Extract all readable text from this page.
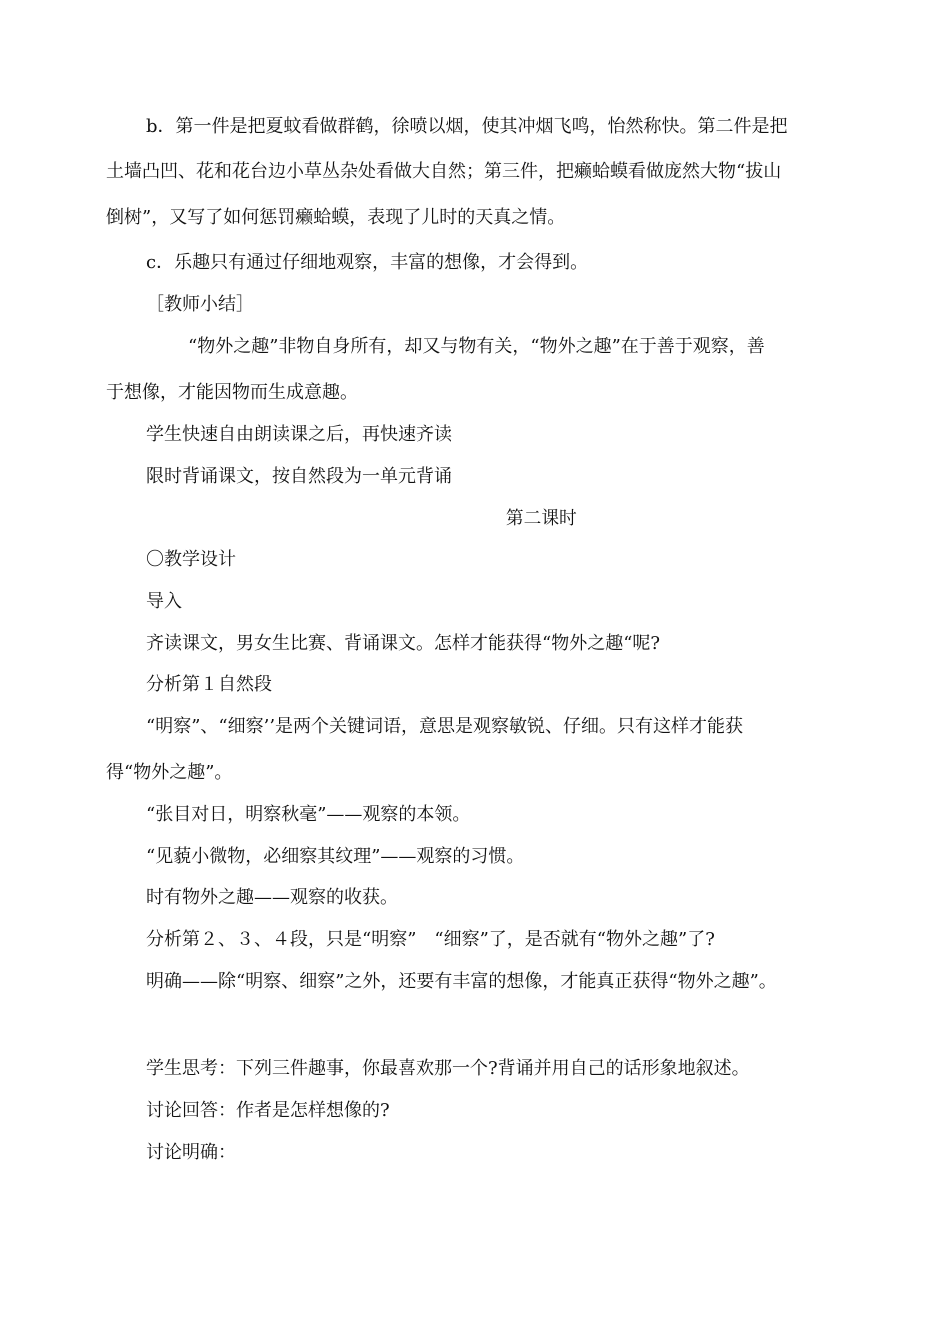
b．第一件是把夏蚊看做群鹤，徐喷以烟，使其冲烟飞鸣，怡然称快。第二件是把
土墙凸凹、花和花台边小草丛杂处看做大自然；第三件，把癞蛤蟆看做庞然大物“拔山
倒树”，又写了如何惩罚癞蛤蟆，表现了儿时的天真之情。
c．乐趣只有通过仔细地观察，丰富的想像，才会得到。
［教师小结］
“物外之趣”非物自身所有，却又与物有关，“物外之趣”在于善于观察，善
于想像，才能因物而生成意趣。
学生快速自由朗读课之后，再快速齐读
限时背诵课文，按自然段为一单元背诵
第二课时
〇教学设计
导入
齐读课文，男女生比赛、背诵课文。怎样才能获得“物外之趣“呢?
分析第１自然段
“明察”、“细察’’是两个关键词语，意思是观察敏锐、仔细。只有这样才能获
得“物外之趣”。
“张目对日，明察秋毫”——观察的本领。
“见藐小微物，必细察其纹理”——观察的习惯。
时有物外之趣——观察的收获。
分析第２、３、４段，只是“明察”　“细察”了，是否就有“物外之趣”了?
明确——除“明察、细察”之外，还要有丰富的想像，才能真正获得“物外之趣”。
学生思考：下列三件趣事，你最喜欢那一个?背诵并用自己的话形象地叙述。
讨论回答：作者是怎样想像的?
讨论明确：
